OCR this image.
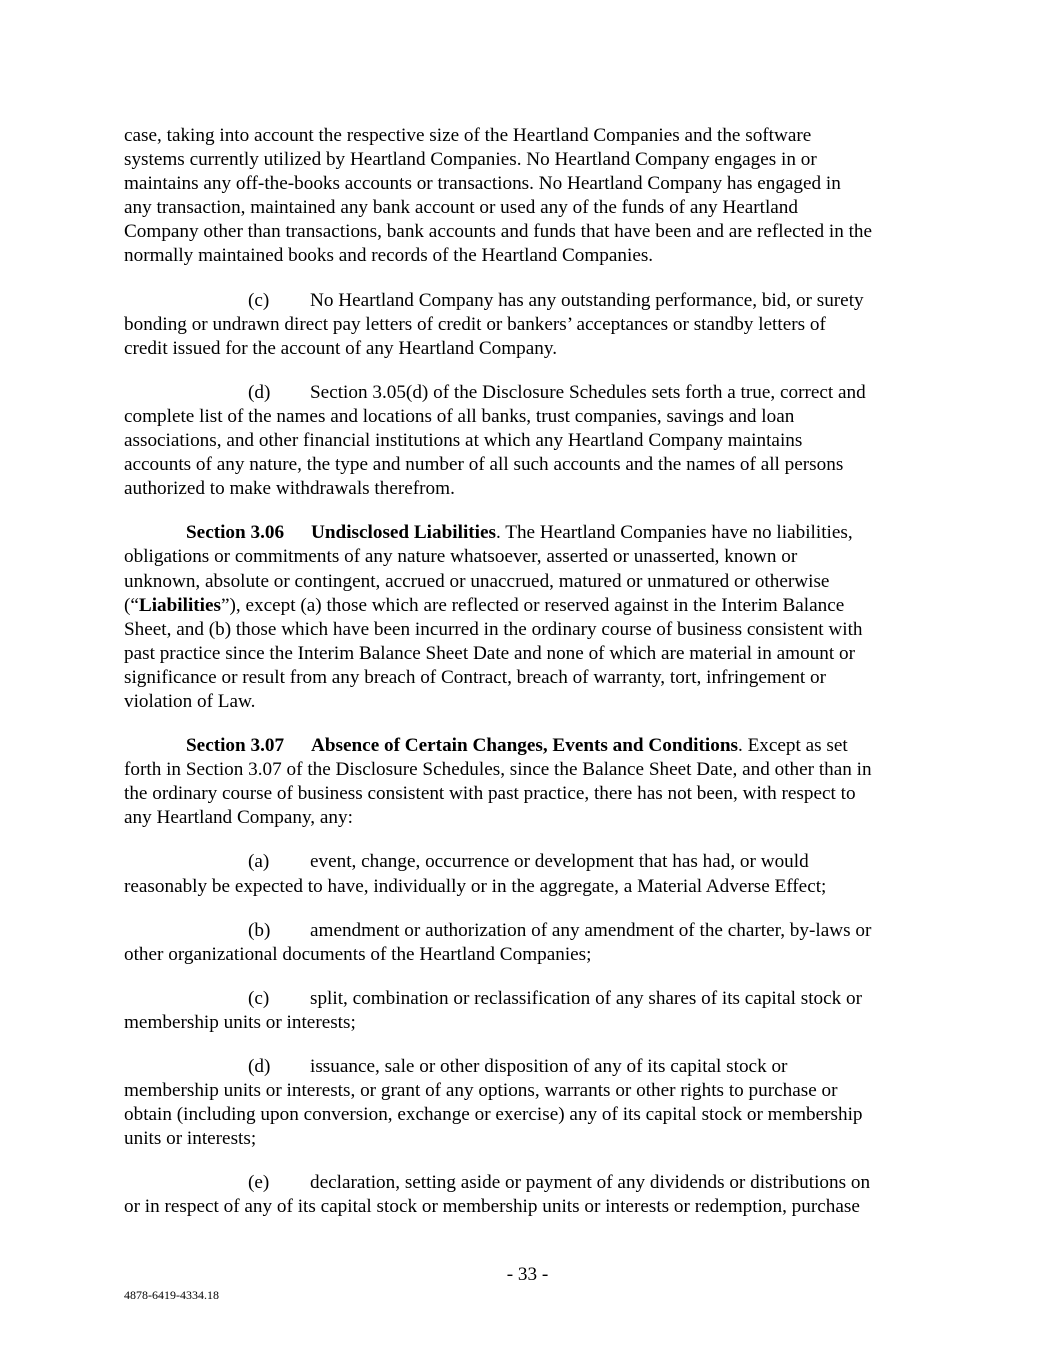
case, taking into account the respective size of the Heartland Companies and the software
systems currently utilized by Heartland Companies. No Heartland Company engages in or
maintains any off-the-books accounts or transactions. No Heartland Company has engaged in
any transaction, maintained any bank account or used any of the funds of any Heartland
Company other than transactions, bank accounts and funds that have been and are reflected in the
normally maintained books and records of the Heartland Companies.

(c) No Heartland Company has any outstanding performance, bid, or surety
bonding or undrawn direct pay letters of credit or bankers’ acceptances or standby letters of
credit issued for the account of any Heartland Company.

(d) Section 3.05(d) of the Disclosure Schedules sets forth a true, correct and
complete list of the names and locations of all banks, trust companies, savings and loan
associations, and other financial institutions at which any Heartland Company maintains
accounts of any nature, the type and number of all such accounts and the names of all persons
authorized to make withdrawals therefrom.

Section 3.06 Undisclosed Liabilities. The Heartland Companies have no liabilities,
obligations or commitments of any nature whatsoever, asserted or unasserted, known or
unknown, absolute or contingent, accrued or unaccrued, matured or unmatured or otherwise
(“Liabilities”), except (a) those which are reflected or reserved against in the Interim Balance
Sheet, and (b) those which have been incurred in the ordinary course of business consistent with
past practice since the Interim Balance Sheet Date and none of which are material in amount or
significance or result from any breach of Contract, breach of warranty, tort, infringement or
violation of Law.

Section 3.07 Absence of Certain Changes, Events and Conditions. Except as set
forth in Section 3.07 of the Disclosure Schedules, since the Balance Sheet Date, and other than in
the ordinary course of business consistent with past practice, there has not been, with respect to
any Heartland Company, any:

(a) event, change, occurrence or development that has had, or would
reasonably be expected to have, individually or in the aggregate, a Material Adverse Effect;

(b) amendment or authorization of any amendment of the charter, by-laws or
other organizational documents of the Heartland Companies;

(c) split, combination or reclassification of any shares of its capital stock or
membership units or interests;

(d) issuance, sale or other disposition of any of its capital stock or
membership units or interests, or grant of any options, warrants or other rights to purchase or
obtain (including upon conversion, exchange or exercise) any of its capital stock or membership
units or interests;

(e) declaration, setting aside or payment of any dividends or distributions on
or in respect of any of its capital stock or membership units or interests or redemption, purchase

- 33 -
4878-6419-4334.18
